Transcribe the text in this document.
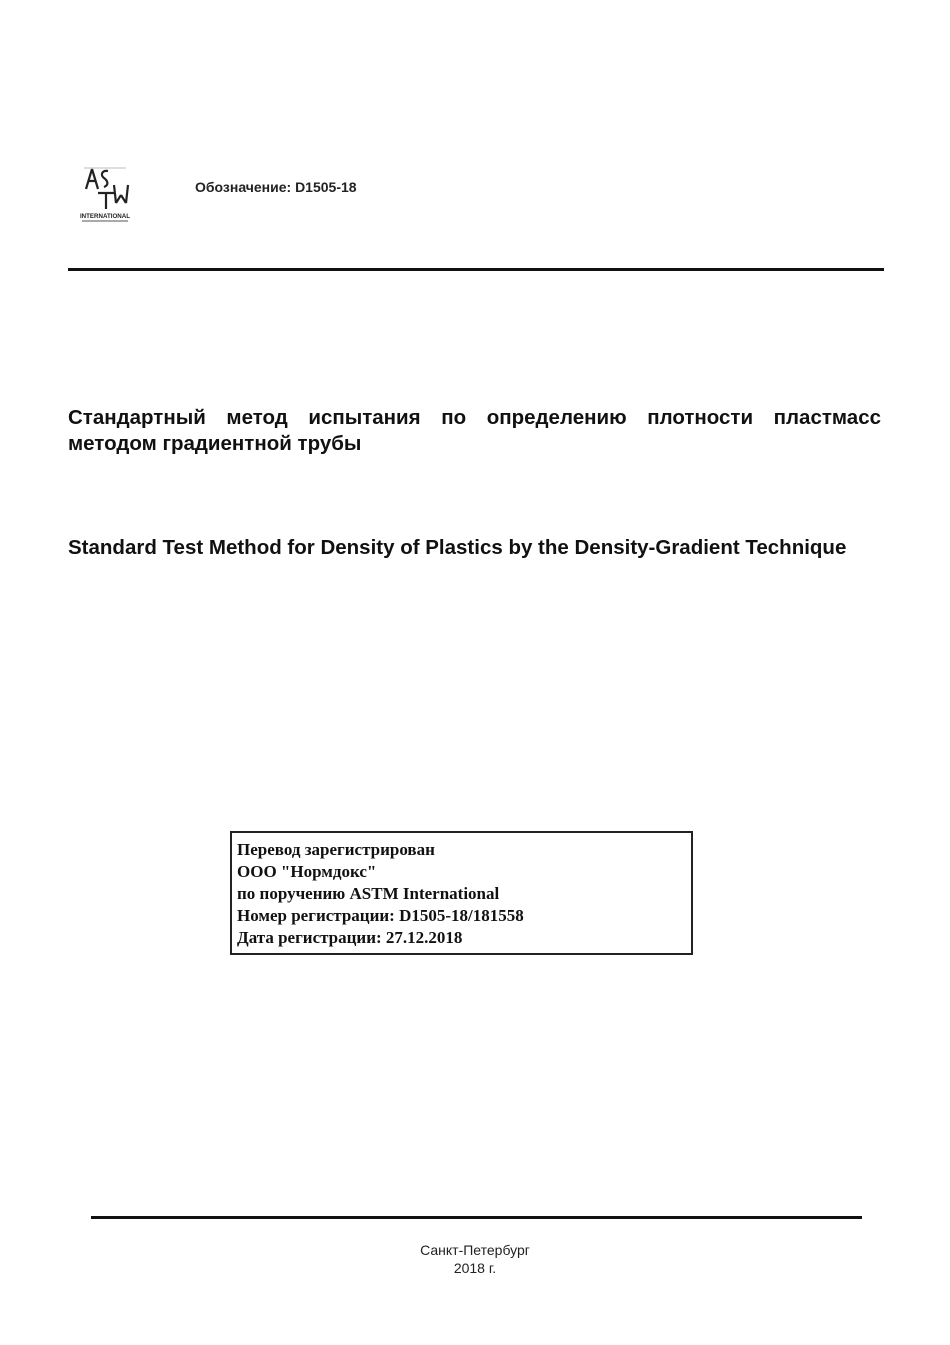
INTERNATIONAL
Обозначение: D1505-18
Стандартный метод испытания по определению плотности пластмасс методом градиентной трубы
Standard Test Method for Density of Plastics by the Density-Gradient Technique
Перевод зарегистрирован
ООО "Нормдокс"
по поручению ASTM International
Номер регистрации: D1505-18/181558
Дата регистрации: 27.12.2018
Санкт-Петербург
2018 г.
